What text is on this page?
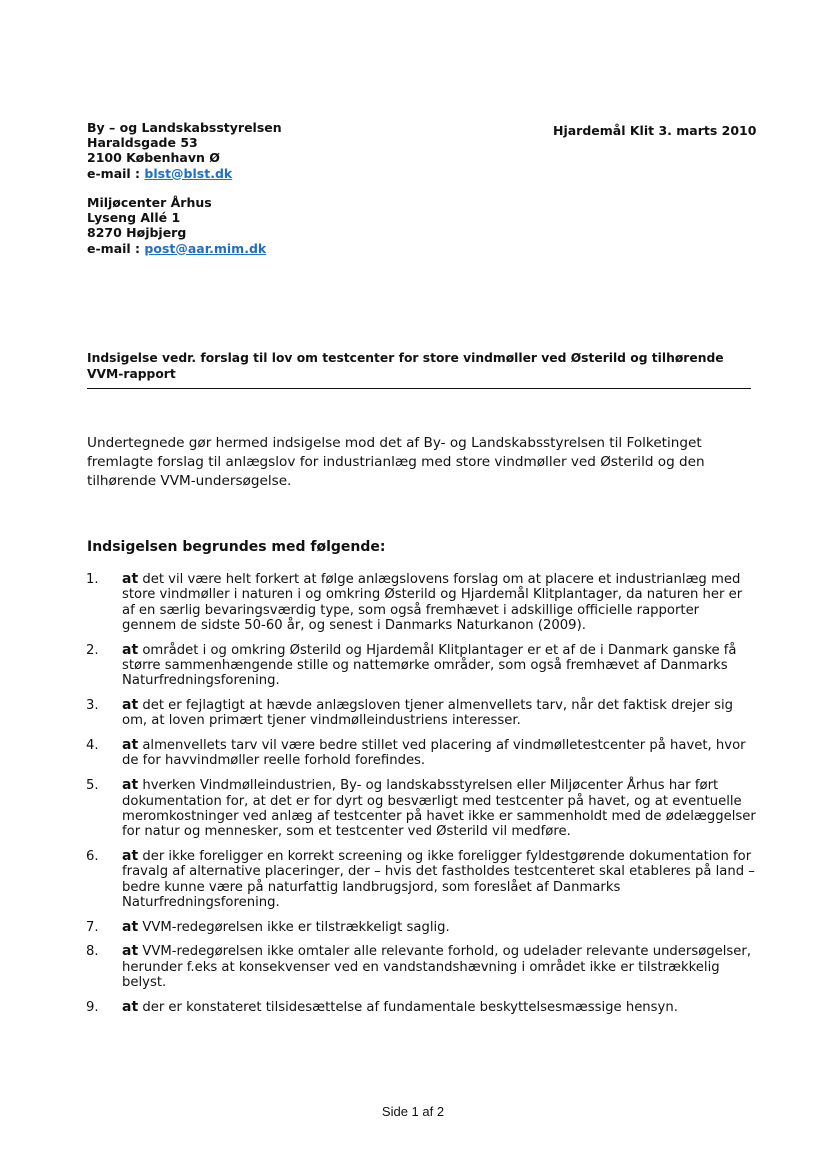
By – og Landskabsstyrelsen
Haraldsgade 53
2100 København Ø
e-mail : blst@blst.dk
Hjardemål Klit 3. marts 2010
Miljøcenter Århus
Lyseng Allé 1
8270 Højbjerg
e-mail : post@aar.mim.dk
Indsigelse vedr. forslag til lov om testcenter for store vindmøller ved Østerild og tilhørende VVM-rapport
Undertegnede gør hermed indsigelse mod det af By- og Landskabsstyrelsen til Folketinget fremlagte forslag til anlægslov for industrianlæg med store vindmøller ved Østerild og den tilhørende VVM-undersøgelse.
Indsigelsen begrundes med følgende:
1. at det vil være helt forkert at følge anlægslovens forslag om at placere et industrianlæg med store vindmøller i naturen i og omkring Østerild og Hjardemål Klitplantager, da naturen her er af en særlig bevaringsværdig type, som også fremhævet i adskillige officielle rapporter gennem de sidste 50-60 år, og senest i Danmarks Naturkanon (2009).
2. at området i og omkring Østerild og Hjardemål Klitplantager er et af de i Danmark ganske få større sammenhængende stille og nattemørke områder, som også fremhævet af Danmarks Naturfredningsforening.
3. at det er fejlagtigt at hævde anlægsloven tjener almenvellets tarv, når det faktisk drejer sig om, at loven primært tjener vindmølleindustriens interesser.
4. at almenvellets tarv vil være bedre stillet ved placering af vindmølletestcenter på havet, hvor de for havvindmøller reelle forhold forefindes.
5. at hverken Vindmølleindustrien, By- og landskabsstyrelsen eller Miljøcenter Århus har ført dokumentation for, at det er for dyrt og besværligt med testcenter på havet, og at eventuelle meromkostninger ved anlæg af testcenter på havet ikke er sammenholdt med de ødelæggelser for natur og mennesker, som et testcenter ved Østerild vil medføre.
6. at der ikke foreligger en korrekt screening og ikke foreligger fyldestgørende dokumentation for fravalg af alternative placeringer, der – hvis det fastholdes testcenteret skal etableres på land – bedre kunne være på naturfattig landbrugsjord, som foreslået af Danmarks Naturfredningsforening.
7. at VVM-redegørelsen ikke er tilstrækkeligt saglig.
8. at VVM-redegørelsen ikke omtaler alle relevante forhold, og udelader relevante undersøgelser, herunder f.eks at konsekvenser ved en vandstandshævning i området ikke er tilstrækkelig belyst.
9. at der er konstateret tilsidesættelse af fundamentale beskyttelsesmæssige hensyn.
Side 1 af 2
